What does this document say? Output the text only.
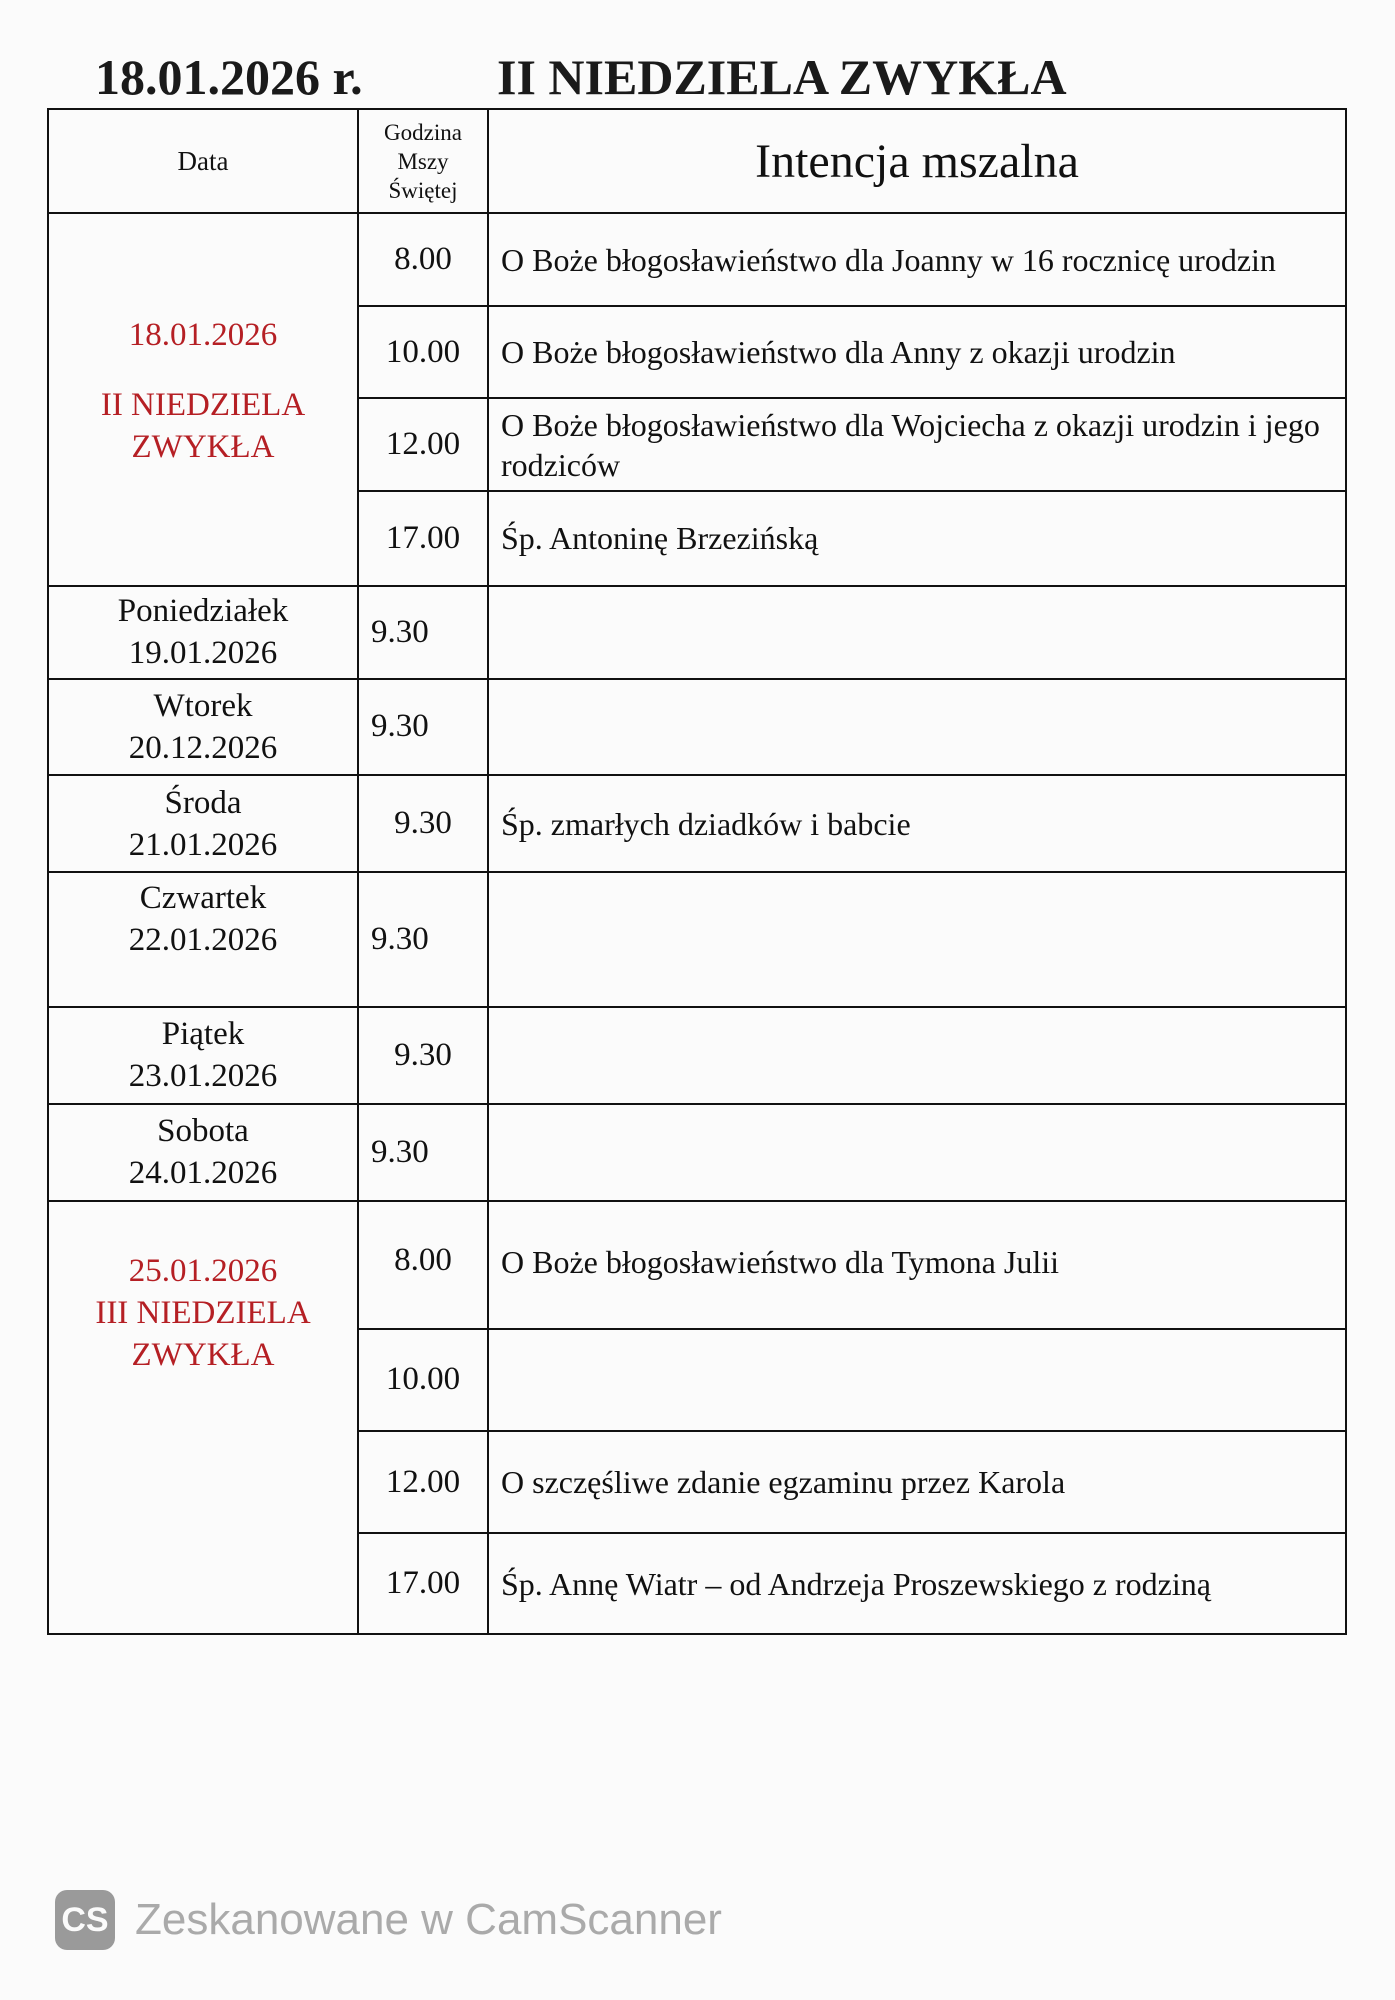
18.01.2026 r.	II NIEDZIELA ZWYKŁA
Data	Godzina
Mszy
Świętej	Intencja mszalna

18.01.2026
II NIEDZIELA
ZWYKŁA	8.00	O Boże błogosławieństwo dla Joanny w 16 rocznicę urodzin
	10.00	O Boże błogosławieństwo dla Anny z okazji urodzin
	12.00	O Boże błogosławieństwo dla Wojciecha z okazji urodzin i jego rodziców
	17.00	Śp. Antoninę Brzezińską

Poniedziałek
19.01.2026	9.30	

Wtorek
20.12.2026	9.30	

Środa
21.01.2026	9.30	Śp. zmarłych dziadków i babcie

Czwartek
22.01.2026	9.30	

Piątek
23.01.2026	9.30	

Sobota
24.01.2026	9.30	

25.01.2026
III NIEDZIELA
ZWYKŁA	8.00	O Boże błogosławieństwo dla Tymona Julii
	10.00	
	12.00	O szczęśliwe zdanie egzaminu przez Karola
	17.00	Śp. Annę Wiatr – od Andrzeja Proszewskiego z rodziną
CS Zeskanowane w CamScanner
